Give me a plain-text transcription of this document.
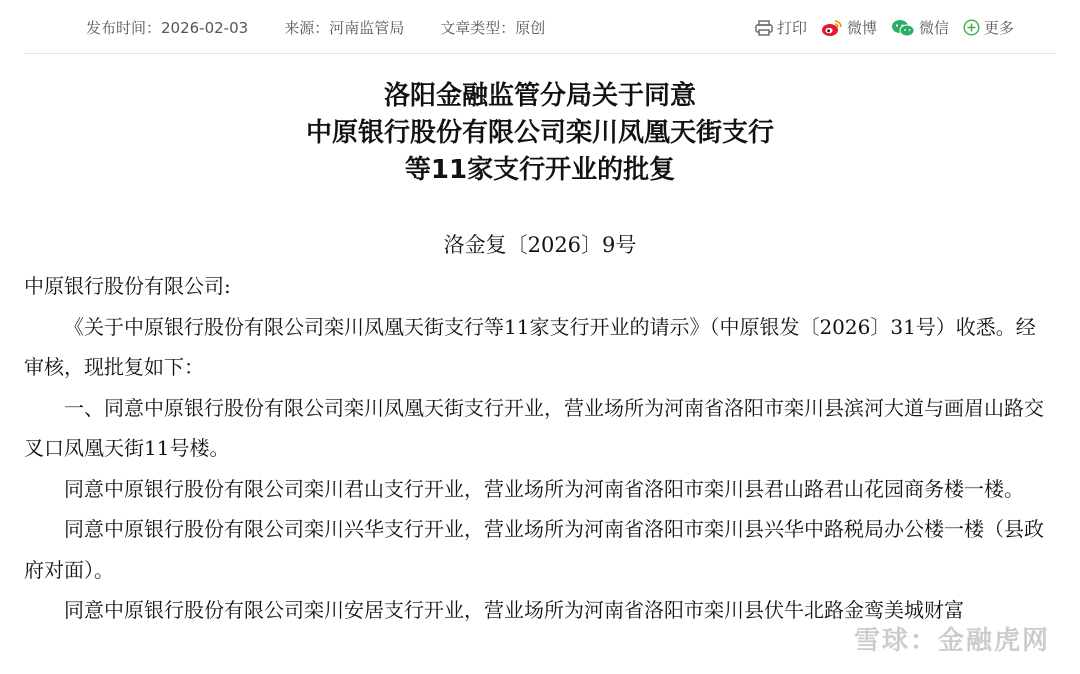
发布时间：2026-02-03 来源：河南监管局 文章类型：原创	打印	微博	微信 更多
洛阳金融监管分局关于同意
中原银行股份有限公司栾川凤凰天街支行
等11家支行开业的批复
洛金复〔2026〕9号

中原银行股份有限公司:

《关于中原银行股份有限公司栾川凤凰天街支行等11家支行开业的请示》（中原银发〔2026〕31号）收悉。经审核，现批复如下：

一、同意中原银行股份有限公司栾川凤凰天街支行开业，营业场所为河南省洛阳市栾川县滨河大道与画眉山路交叉口凤凰天街11号楼。

同意中原银行股份有限公司栾川君山支行开业，营业场所为河南省洛阳市栾川县君山路君山花园商务楼一楼。

同意中原银行股份有限公司栾川兴华支行开业，营业场所为河南省洛阳市栾川县兴华中路税局办公楼一楼（县政府对面）。

同意中原银行股份有限公司栾川安居支行开业，营业场所为河南省洛阳市栾川县伏牛北路金鸾美城财富

雪球：金融虎网
